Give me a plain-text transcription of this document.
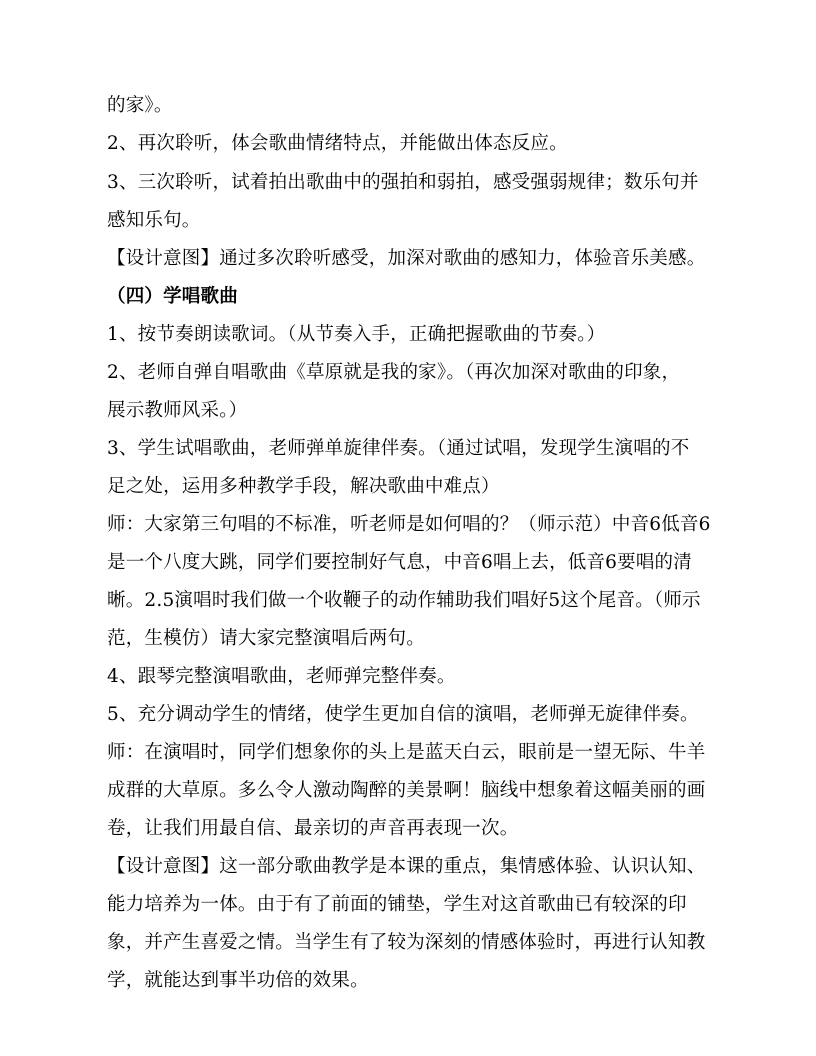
的家》。
2、再次聆听，体会歌曲情绪特点，并能做出体态反应。
3、三次聆听，试着拍出歌曲中的强拍和弱拍，感受强弱规律；数乐句并
感知乐句。
【设计意图】通过多次聆听感受，加深对歌曲的感知力，体验音乐美感。
（四）学唱歌曲
1、按节奏朗读歌词。（从节奏入手，正确把握歌曲的节奏。）
2、老师自弹自唱歌曲《草原就是我的家》。（再次加深对歌曲的印象，
展示教师风采。）
3、学生试唱歌曲，老师弹单旋律伴奏。（通过试唱，发现学生演唱的不
足之处，运用多种教学手段，解决歌曲中难点）
师：大家第三句唱的不标准，听老师是如何唱的？（师示范）中音6低音6
是一个八度大跳，同学们要控制好气息，中音6唱上去，低音6要唱的清
晰。2.5演唱时我们做一个收鞭子的动作辅助我们唱好5这个尾音。（师示
范，生模仿）请大家完整演唱后两句。
4、跟琴完整演唱歌曲，老师弹完整伴奏。
5、充分调动学生的情绪，使学生更加自信的演唱，老师弹无旋律伴奏。
师：在演唱时，同学们想象你的头上是蓝天白云，眼前是一望无际、牛羊
成群的大草原。多么令人激动陶醉的美景啊！脑线中想象着这幅美丽的画
卷，让我们用最自信、最亲切的声音再表现一次。
【设计意图】这一部分歌曲教学是本课的重点，集情感体验、认识认知、
能力培养为一体。由于有了前面的铺垫，学生对这首歌曲已有较深的印
象，并产生喜爱之情。当学生有了较为深刻的情感体验时，再进行认知教
学，就能达到事半功倍的效果。
